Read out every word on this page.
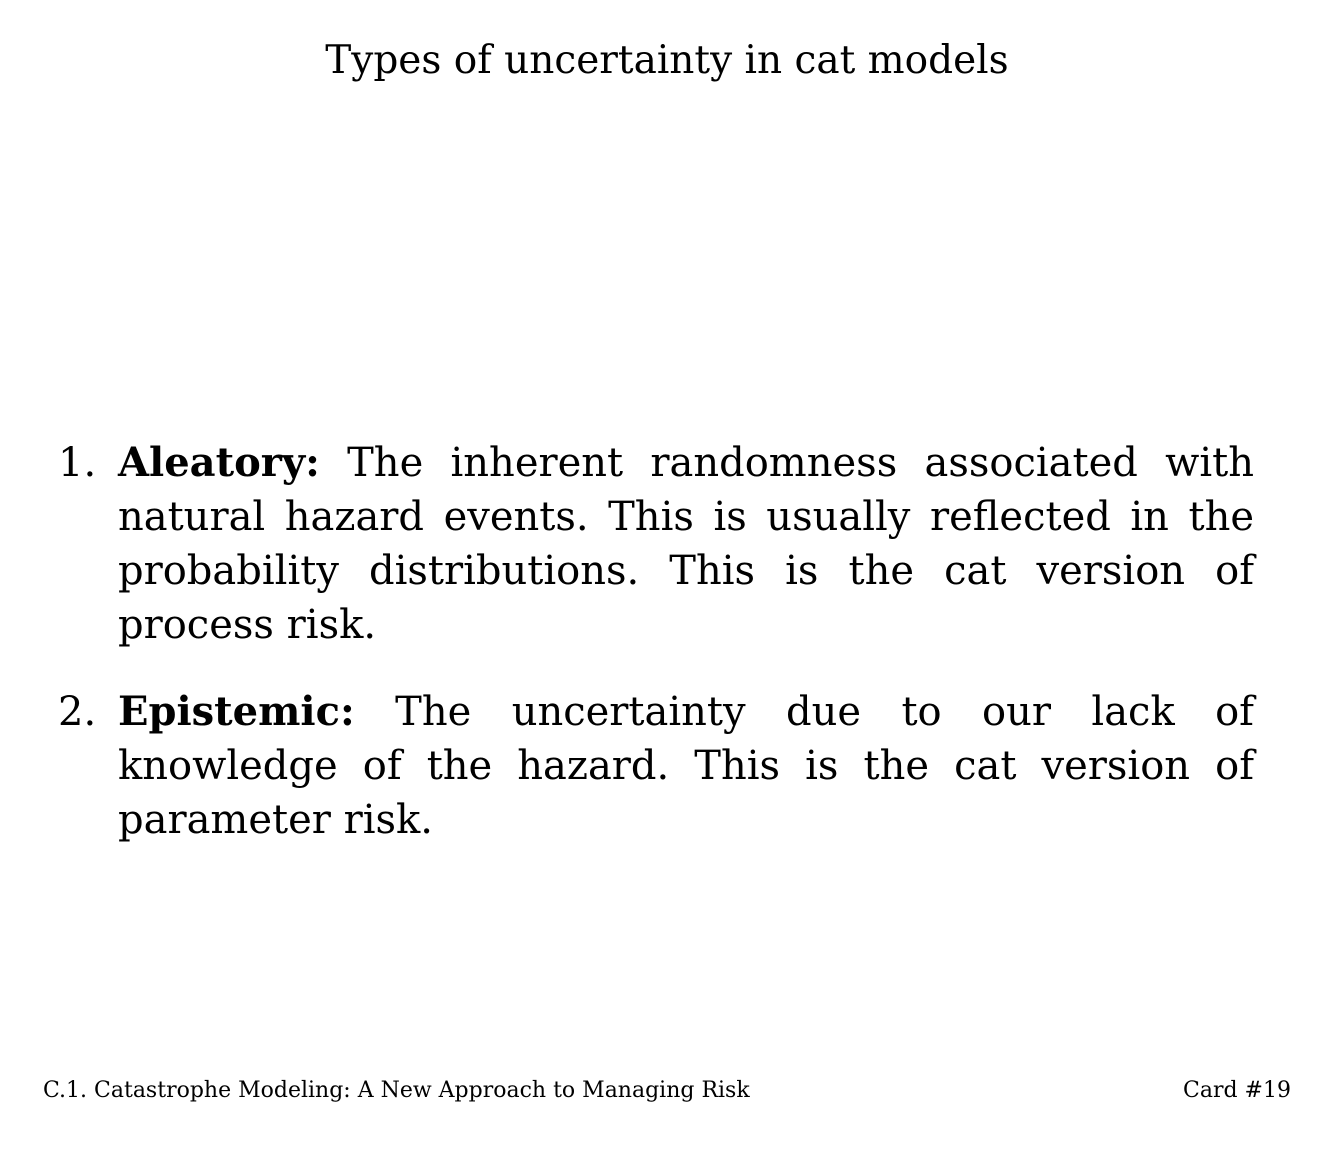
Types of uncertainty in cat models
1. Aleatory: The inherent randomness associated with natural hazard events. This is usually reflected in the probability distributions. This is the cat version of process risk.
2. Epistemic: The uncertainty due to our lack of knowledge of the hazard. This is the cat version of parameter risk.
C.1. Catastrophe Modeling: A New Approach to Managing Risk	Card #19
